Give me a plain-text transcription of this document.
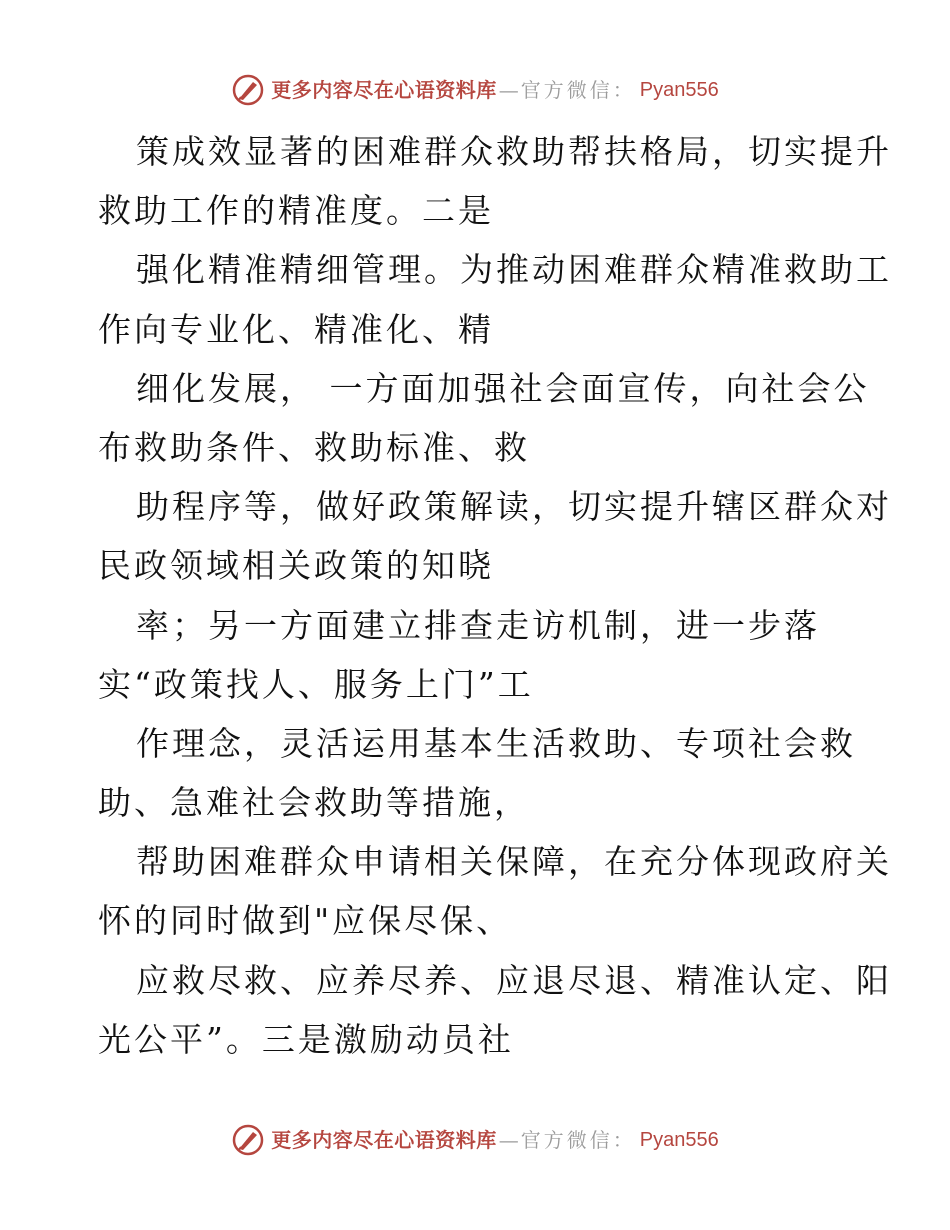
更多内容尽在心语资料库 — 官方微信： Pyan556
策成效显著的困难群众救助帮扶格局，切实提升
救助工作的精准度。二是
强化精准精细管理。为推动困难群众精准救助工
作向专业化、精准化、精
细化发展， 一方面加强社会面宣传，向社会公
布救助条件、救助标准、救
助程序等，做好政策解读，切实提升辖区群众对
民政领域相关政策的知晓
率；另一方面建立排查走访机制，进一步落
实“政策找人、服务上门”工
作理念，灵活运用基本生活救助、专项社会救
助、急难社会救助等措施，
帮助困难群众申请相关保障，在充分体现政府关
怀的同时做到"应保尽保、
应救尽救、应养尽养、应退尽退、精准认定、阳
光公平”。三是激励动员社
更多内容尽在心语资料库 — 官方微信： Pyan556
